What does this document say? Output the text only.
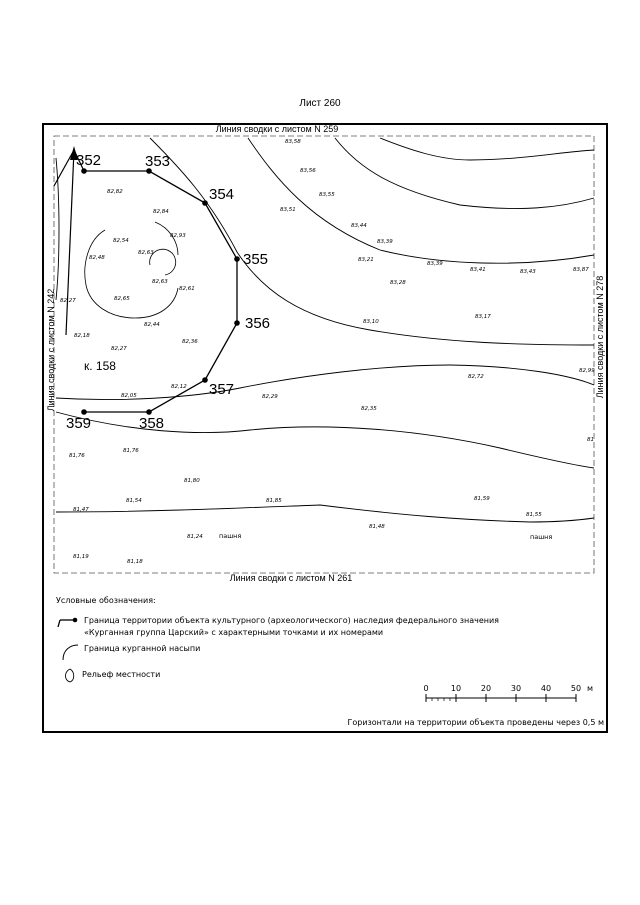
Лист 260
352	353
354
355
356
357
358
359
к. 158
Линия сводки с листом N 259
Линия сводки с листом N 261
Линия сводки с листом N 242	Линия сводки с листом N 278
83,58
83,56
83,55
83,51
83,44
83,39
83,21
83,39
83,28
83,41	83,43	83,87
83,17
83,10
82,72
82,99
82,35
82,29
82,12
82,36
82,44
82,61
82,65
82,63
82,63
82,93
82,84
82,82
82,54
82,48
82,27
82,18
82,27
82,05
81,76
81,76
81,80
81,54
81,47
81,85	81,59
81,55
81,48
81,24
81,19
81,18
81
пашня	пашня
Условные обозначения:
Граница территории объекта культурного (археологического) наследия федерального значения
«Курганная группа Царский» с характерными точками и их номерами
Граница курганной насыпи
Рельеф местности
0	10 20 30 40 50 м
Горизонтали на территории объекта проведены через 0,5 м
